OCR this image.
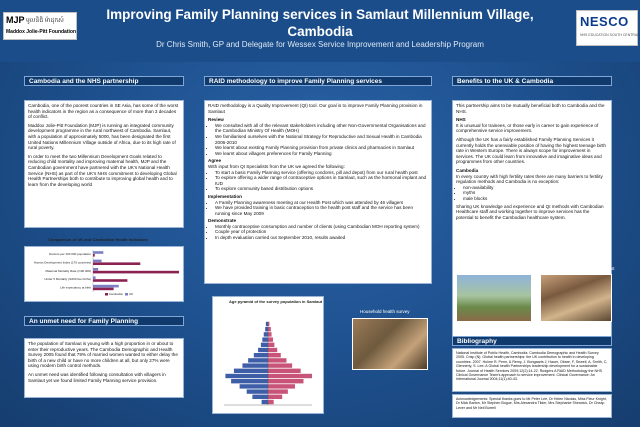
MJP មូលនិធិ ម៉ាដុកស៍
Maddox Jolie-Pitt Foundation
Improving Family Planning services in Samlaut Millennium Village,
Cambodia
Dr Chris Smith, GP and Delegate for Wessex Service Improvement and Leadership Program
NESCO
NHS EDUCATION SOUTH CENTRAL
Cambodia and the NHS partnership

Cambodia, one of the poorest countries in SE Asia, has some of the worst health indicators in the region as a consequence of more than 3 decades of conflict.

Maddox Jolie-Pitt Foundation (MJP) is running an integrated community development programme in the rural northwest of Cambodia. Samlaut, with a population of approximately 5000, has been designated the first United Nations Millennium Village outside of Africa, due to its high rate of rural poverty.

In order to meet the two Millennium Development Goals related to reducing child mortality and improving maternal health, MJP and the Cambodian government have partnered with the UK's National Health Service (NHS) as part of the UK's NHS commitment to developing Global Health Partnerships both to contribute to improving global health and to learn from the developing world

Comparison of UK and Cambodian Health Indicators
Doctors per 100 000 population
Human Development Index (176 countries)
Maternal Mortality Rate (/100 000)
Under 5 Mortality (/1000 live births)
Life expectancy at birth
Cambodia UK
An unmet need for Family Planning

The population of Samlaut is young with a high proportion in or about to enter their reproductive years. The Cambodia Demographic and Health Survey 2005 found that 79% of married women wanted to either delay the birth of a new child or have no more children at all, but only 27% were using modern birth control methods.

An unmet need was identified following consultation with villagers in Samlaut yet we found limited Family Planning service provision.

RAID methodology to improve Family Planning services

RAID methodology is a Quality Improvement (QI) tool. Our goal is to improve Family Planning provision in Samlaut

Review
• We consulted with all of the relevant stakeholders including other Non-Governmental Organisations and the Cambodian Ministry Of Health (MOH)
• We familiarised ourselves with the National Strategy for Reproductive and Sexual Health in Cambodia 2006-2010
• We learnt about existing Family Planning provision from private clinics and pharmacies in Samlaut
• We learnt about villagers preferences for Family Planning
Agree
With input from QI Specialists from the UK we agreed the following:
• To start a basic Family Planning service (offering condoms, pill and depot) from our rural health post
• To explore offering a wider range of contraceptive options in Samlaut, such as the hormonal implant and IUD
• To explore community based distribution options
Implementation
• A Family Planning awareness meeting at our Health Post which was attended by 46 villagers
• We have provided training in basic contraception to the health post staff and the service has been running since May 2009
Demonstrate
• Monthly contraceptive consumption and number of clients (using Cambodian MOH reporting system)
• Couple year of protection
• In depth evaluation carried out September 2010, results awaited
Age pyramid of the survey population in Samlaut
Household health survey
Benefits to the UK & Cambodia

This partnership aims to be mutually beneficial both to Cambodia and the NHS.

NHS

It is unusual for trainees, or those early in career to gain experience of comprehensive service improvement.

Although the UK has a fairly established Family Planning Services it currently holds the unenviable position of having the highest teenage birth rate in Western Europe. There is always scope for improvement in services. The UK could learn from innovative and imaginative ideas and programmes from other countries.

Cambodia
In every country with high fertility rates there are many barriers to fertility regulation methods and Cambodia is no exception:
• non-availability
• myths
• male blocks
Sharing UK knowledge and experience and QI methods with Cambodian Healthcare staff and working together to improve services has the potential to benefit the Cambodian healthcare system.
Kampong Touk Health Post	Condom launch at the Health Post
Bibliography
National Institute of Public Health, Cambodia. Cambodia Demographic and Health Survey 2005. Crisp (N): Global health partnerships: the UK contribution to health in developing countries. 2007. Hulme R, Penn, & Remy, J. Bongaarts J, Hauer, Obare, F, Sewell, A, Smith, C, Glennerly, S. Lee: A Global health Partnerships leadership development for a sustainable future. Journal of Health Services 2009;12(2):14-22. Rudgers A RAID Methodology the NHS Clinical Governance Team's approach to service improvement. Clinical Governance: An International Journal 2004;11(1):40-43.
Acknowledgements: Special thanks goes to Mr Peter Lee, Dr Helen Nicolas, Miss Fleur Knight, Dr Mick Barton, Mr Stephen Bogue, Mrs Alexandra Tilder, Mrs Stephanie Sherwick, Dr Cheap Lever and Mr Neil Burrell
